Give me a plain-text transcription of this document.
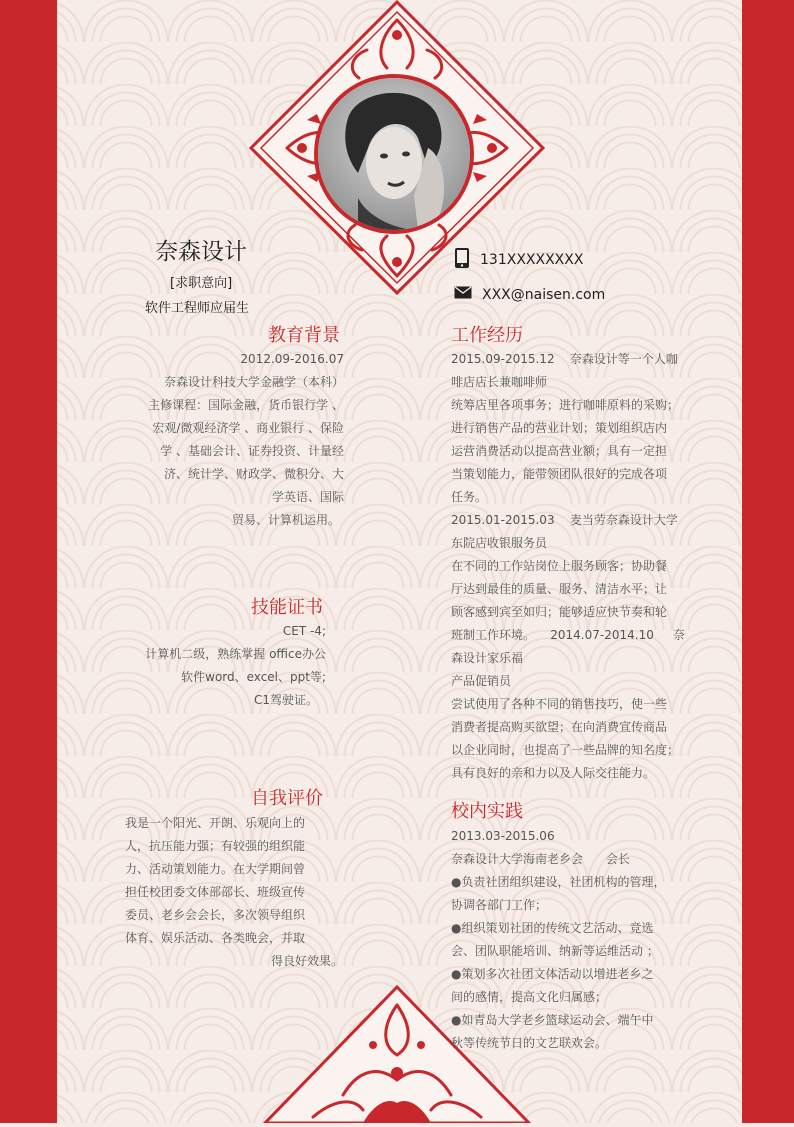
奈森设计
[求职意向]
软件工程师应届生
131XXXXXXXX
XXX@naisen.com
教育背景
2012.09-2016.07
奈森设计科技大学金融学（本科）
主修课程：国际金融，货币银行学 、
宏观/微观经济学 、商业银行 、保险
学 、基础会计、证券投资、计量经
济、统计学、财政学、微积分、大
学英语、国际
贸易、计算机运用。
技能证书
CET -4;
计算机二级，熟练掌握 office办公
软件word、excel、ppt等;
C1驾驶证。
自我评价
我是一个阳光、开朗、乐观向上的
人，抗压能力强；有较强的组织能
力、活动策划能力。在大学期间曾
担任校团委文体部部长、班级宣传
委员、老乡会会长，多次领导组织
体育、娱乐活动、各类晚会，并取
得良好效果。
工作经历
2015.09-2015.12    奈森设计等一个人咖
啡店店长兼咖啡师
统筹店里各项事务；进行咖啡原料的采购；
进行销售产品的营业计划；策划组织店内
运营消费活动以提高营业额；具有一定担
当策划能力，能带领团队很好的完成各项
任务。
2015.01-2015.03    麦当劳奈森设计大学
东院店收银服务员
在不同的工作站岗位上服务顾客；协助餐
厅达到最佳的质量、服务、清洁水平；让
顾客感到宾至如归；能够适应快节奏和轮
班制工作环境。    2014.07-2014.10     奈
森设计家乐福
产品促销员
尝试使用了各种不同的销售技巧，使一些
消费者提高购买欲望；在向消费宣传商品
以企业同时，也提高了一些品牌的知名度；
具有良好的亲和力以及人际交往能力。
校内实践
2013.03-2015.06
奈森设计大学海南老乡会      会长
●负责社团组织建设，社团机构的管理，
协调各部门工作；
●组织策划社团的传统文艺活动、竞选
会、团队职能培训、纳新等运维活动 ；
●策划多次社团文体活动以增进老乡之
间的感情，提高文化归属感；
●如青岛大学老乡篮球运动会、端午中
秋等传统节日的文艺联欢会。
